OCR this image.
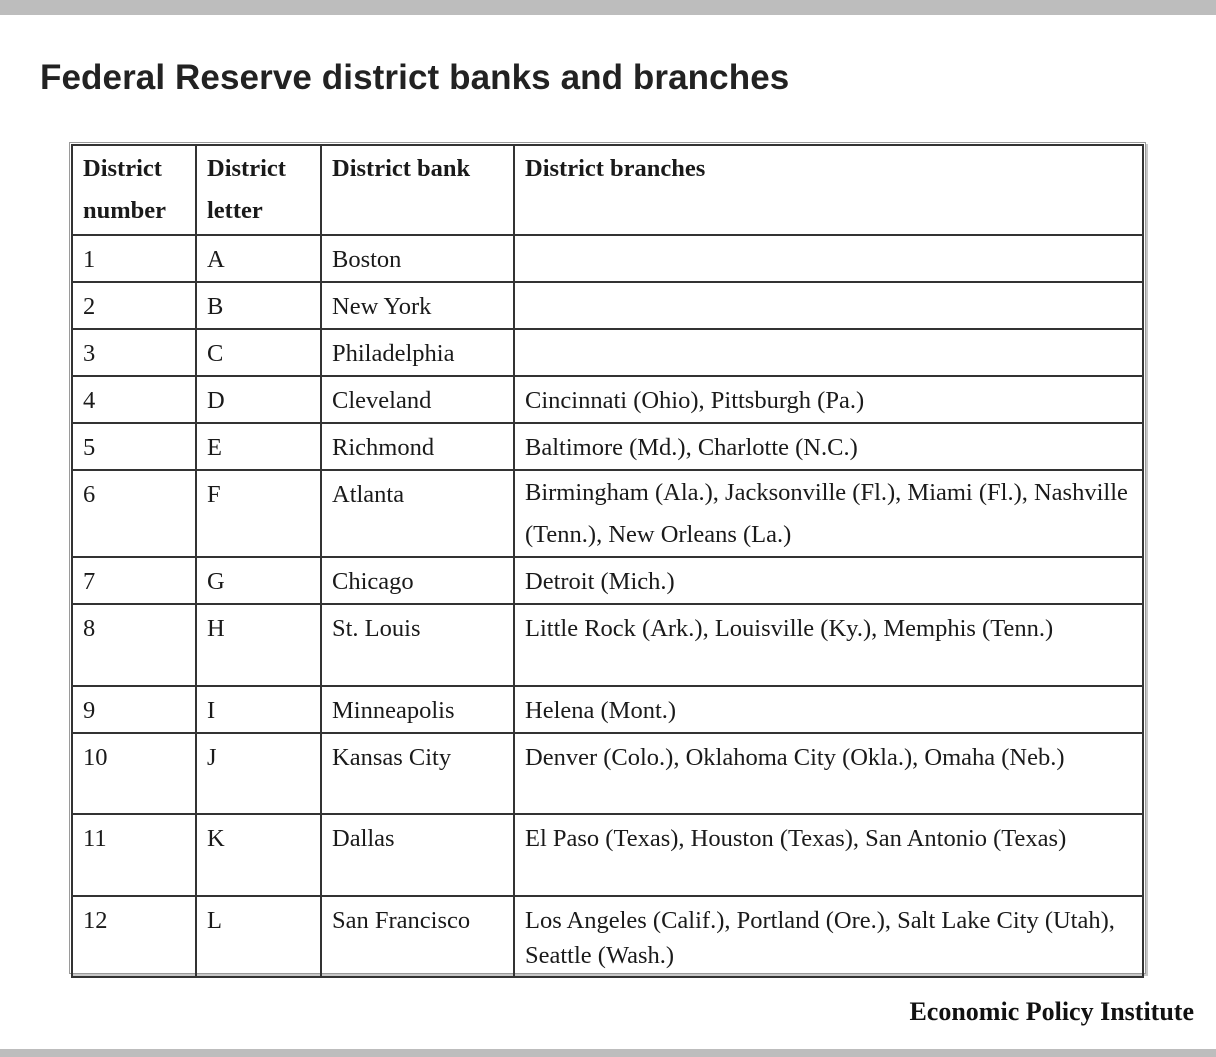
Federal Reserve district banks and branches
District number	District letter	District bank	District branches
1	A	Boston	
2	B	New York	
3	C	Philadelphia	
4	D	Cleveland	Cincinnati (Ohio), Pittsburgh (Pa.)
5	E	Richmond	Baltimore (Md.), Charlotte (N.C.)
6	F	Atlanta	Birmingham (Ala.), Jacksonville (Fl.), Miami (Fl.), Nashville (Tenn.), New Orleans (La.)
7	G	Chicago	Detroit (Mich.)
8	H	St. Louis	Little Rock (Ark.), Louisville (Ky.), Memphis (Tenn.)
9	I	Minneapolis	Helena (Mont.)
10	J	Kansas City	Denver (Colo.), Oklahoma City (Okla.), Omaha (Neb.)
11	K	Dallas	El Paso (Texas), Houston (Texas), San Antonio (Texas)
12	L	San Francisco	Los Angeles (Calif.), Portland (Ore.), Salt Lake City (Utah), Seattle (Wash.)
Economic Policy Institute
